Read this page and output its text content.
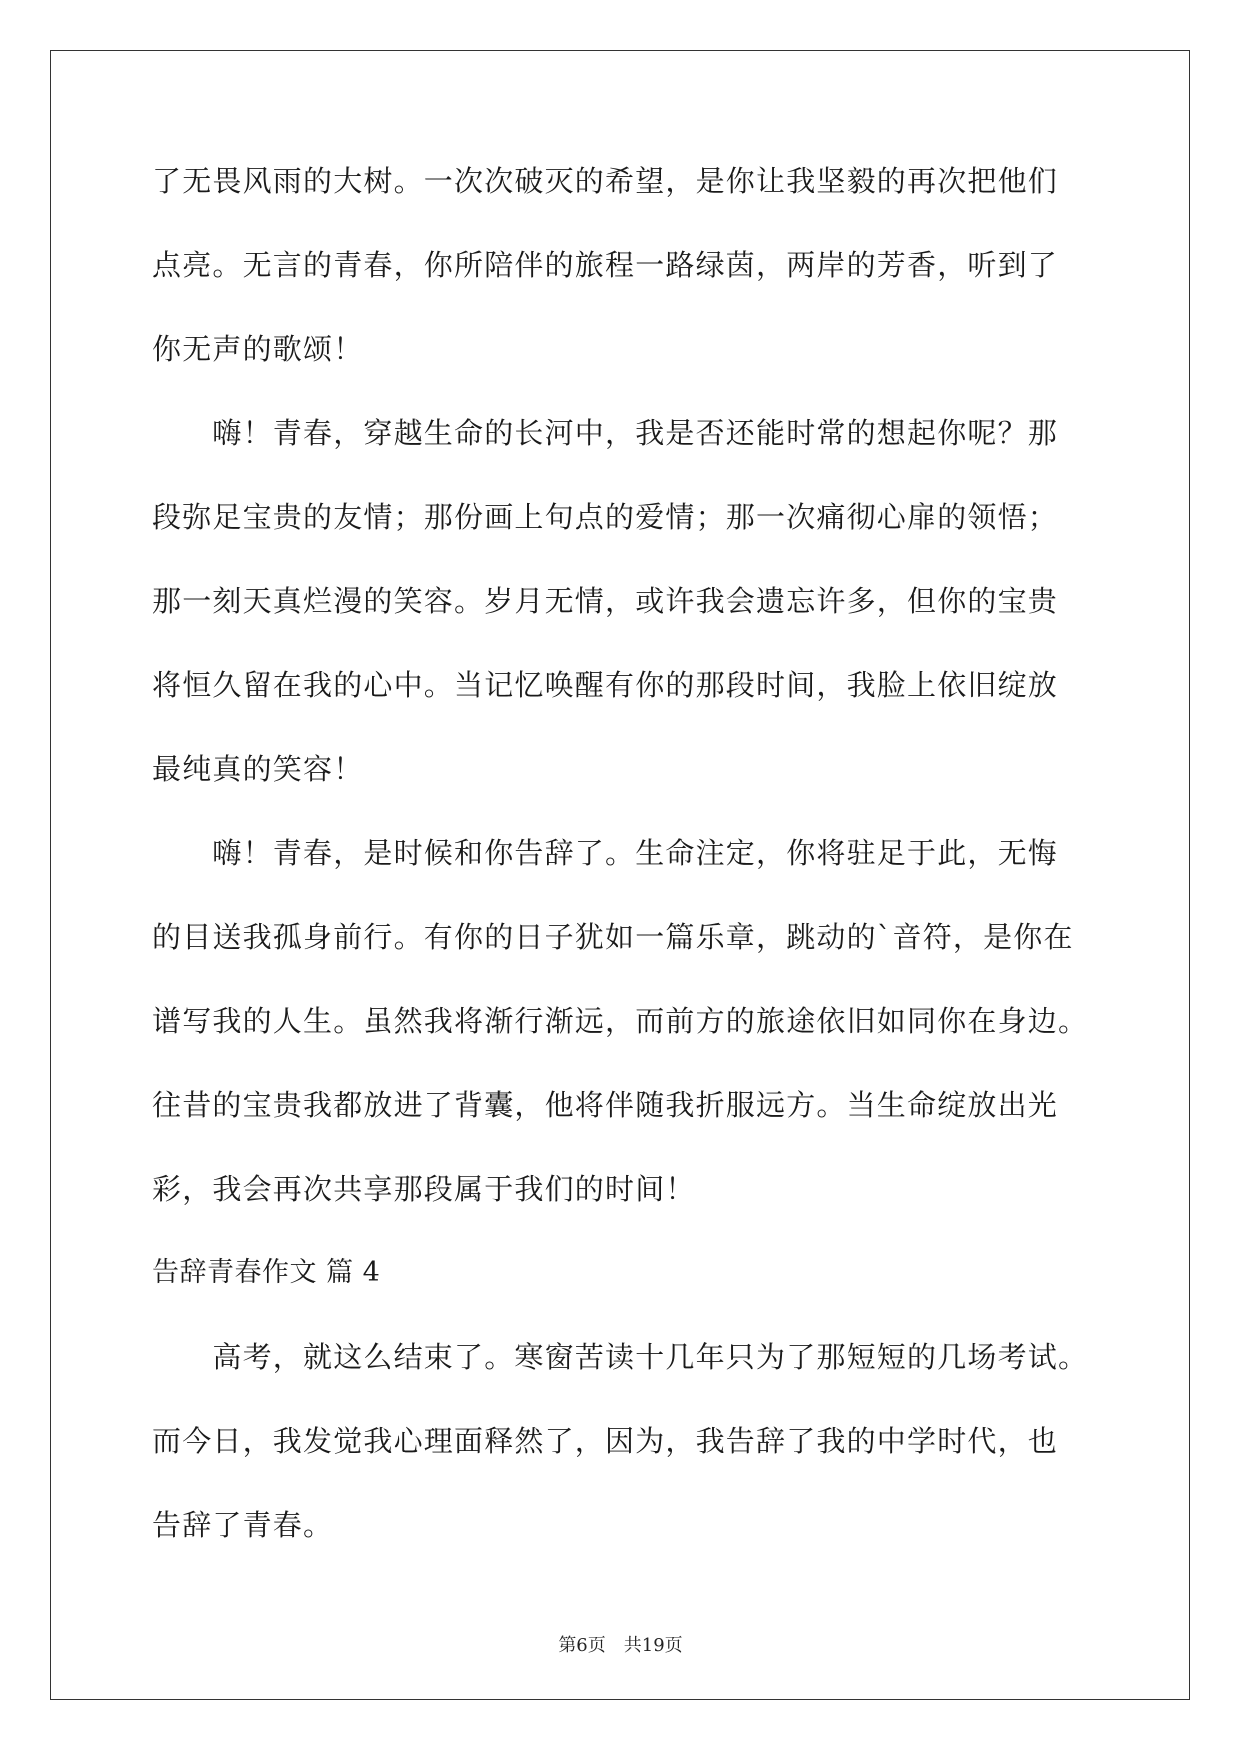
了无畏风雨的大树。一次次破灭的希望，是你让我坚毅的再次把他们
点亮。无言的青春，你所陪伴的旅程一路绿茵，两岸的芳香，听到了
你无声的歌颂！
　　嗨！青春，穿越生命的长河中，我是否还能时常的想起你呢？那
段弥足宝贵的友情；那份画上句点的爱情；那一次痛彻心扉的领悟；
那一刻天真烂漫的笑容。岁月无情，或许我会遗忘许多，但你的宝贵
将恒久留在我的心中。当记忆唤醒有你的那段时间，我脸上依旧绽放
最纯真的笑容！
　　嗨！青春，是时候和你告辞了。生命注定，你将驻足于此，无悔
的目送我孤身前行。有你的日子犹如一篇乐章，跳动的`音符，是你在
谱写我的人生。虽然我将渐行渐远，而前方的旅途依旧如同你在身边。
往昔的宝贵我都放进了背囊，他将伴随我折服远方。当生命绽放出光
彩，我会再次共享那段属于我们的时间！
告辞青春作文 篇 4
　　高考，就这么结束了。寒窗苦读十几年只为了那短短的几场考试。
而今日，我发觉我心理面释然了，因为，我告辞了我的中学时代，也
告辞了青春。
第6页 共19页
